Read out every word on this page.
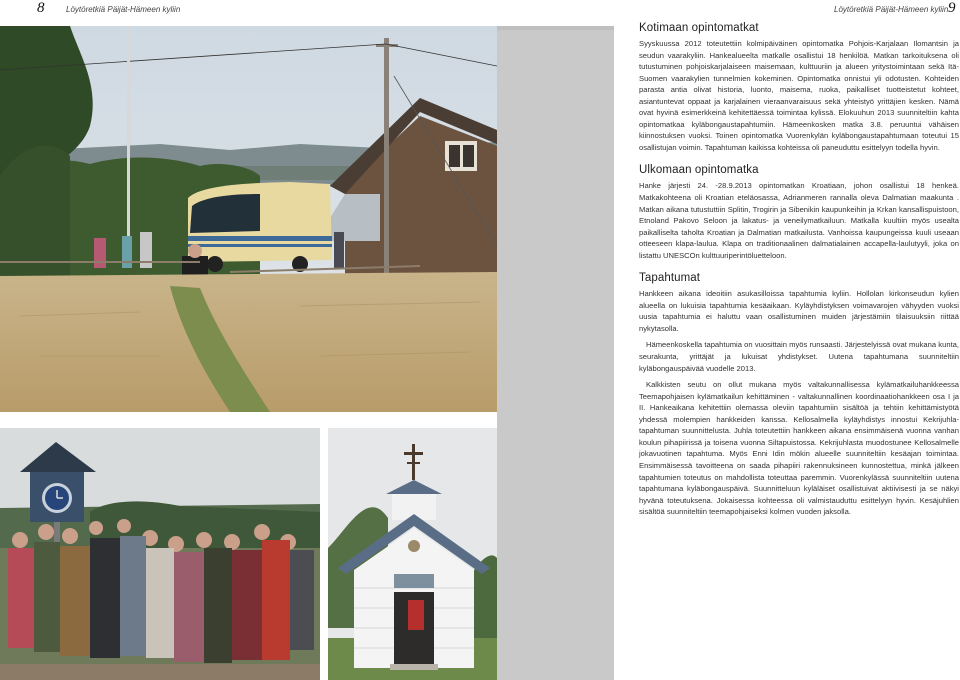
8	Löytöretkiä Päijät-Hämeen kyliin	Löytöretkiä Päijät-Hämeen kyliin 9
Kotimaan opintomatkat

Syyskuussa 2012 toteutettiin kolmipäiväinen opintomatka Pohjois-Karjalaan Ilomantsin ja seudun vaarakyliin. Hankealueelta matkalle osallistui 18 henkilöä. Matkan tarkoituksena oli tutustuminen pohjoiskarjalaiseen maisemaan, kulttuuriin ja alueen yritystoimintaan sekä Itä-Suomen vaarakylien tunnelmien kokeminen. Opintomatka onnistui yli odotusten. Kohteiden parasta antia olivat historia, luonto, maisema, ruoka, paikalliset tuotteistetut kohteet, asiantuntevat oppaat ja karjalainen vieraanvaraisuus sekä yhteistyö yrittäjien kesken. Nämä ovat hyvinä esimerkkeinä kehitettäessä toimintaa kylissä. Elokuuhun 2013 suunniteltiin kahta opintomatkaa kyläbongaustapahtumiin. Hämeenkosken matka 3.8. peruuntui vähäisen kiinnostuksen vuoksi. Toinen opintomatka Vuorenkylän kyläbongaustapahtumaan toteutui 15 osallistujan voimin. Tapahtuman kaikissa kohteissa oli paneuduttu esittelyyn todella hyvin.

Ulkomaan opintomatka

Hanke järjesti 24. -28.9.2013 opintomatkan Kroatiaan, johon osallistui 18 henkeä. Matkakohteena oli Kroatian eteläosassa, Adrianmeren rannalla oleva Dalmatian maakunta . Matkan aikana tutustuttiin Splitin, Trogirin ja Sibenikin kaupunkeihin ja Krkan kansallispuistoon, Etnoland Pakovo Seloon ja lakatus- ja veneilymatkailuun. Matkalla kuultiin myös usealta paikalliselta taholta Kroatian ja Dalmatian matkailusta. Vanhoissa kaupungeissa kuuli useaan otteeseen klapa-laulua. Klapa on traditionaalinen dalmatialainen accapella-laulutyyli, joka on listattu UNESCOn kulttuuriperintöluetteloon.

Tapahtumat

Hankkeen aikana ideoitiin asukasilloissa tapahtumia kyliin. Hollolan kirkonseudun kylien alueella on lukuisia tapahtumia kesäaikaan. Kyläyhdistyksen voimavarojen vähyyden vuoksi uusia tapahtumia ei haluttu vaan osallistuminen muiden järjestämiin tilaisuuksiin riittää nykytasolla.

Hämeenkoskella tapahtumia on vuosittain myös runsaasti. Järjestelyissä ovat mukana kunta, seurakunta, yrittäjät ja lukuisat yhdistykset. Uutena tapahtumana suunniteltiin kyläbongauspäivää vuodelle 2013.

Kalkkisten seutu on ollut mukana myös valtakunnallisessa kylämatkailuhankkeessa Teemapohjaisen kylämatkailun kehittäminen - valtakunnallinen koordinaatiohankkeen osa I ja II. Hankeaikana kehitettiin olemassa oleviin tapahtumiin sisältöä ja tehtiin kehittämistyötä yhdessä molempien hankkeiden kanssa. Kellosalmella kyläyhdistys innostui Kekrijuhla-tapahtuman suunnittelusta. Juhla toteutettiin hankkeen aikana ensimmäisenä vuonna vanhan koulun pihapiirissä ja toisena vuonna Siltapuistossa. Kekrijuhlasta muodostunee Kellosalmelle jokavuotinen tapahtuma. Myös Enni Idin mökin alueelle suunniteltiin kesäajan toimintaa. Ensimmäisessä tavoitteena on saada pihapiiri rakennuksineen kunnostettua, minkä jälkeen tapahtumien toteutus on mahdollista toteuttaa paremmin. Vuorenkylässä suunniteltiin uutena tapahtumana kyläbongauspäivä. Suunnitteluun kyläläiset osallistuivat aktiivisesti ja se näkyi hyvänä toteutuksena. Jokaisessa kohteessa oli valmistauduttu esittelyyn hyvin. Kesäjuhlien sisältöä suunniteltiin teemapohjaiseksi kolmen vuoden jaksolla.
